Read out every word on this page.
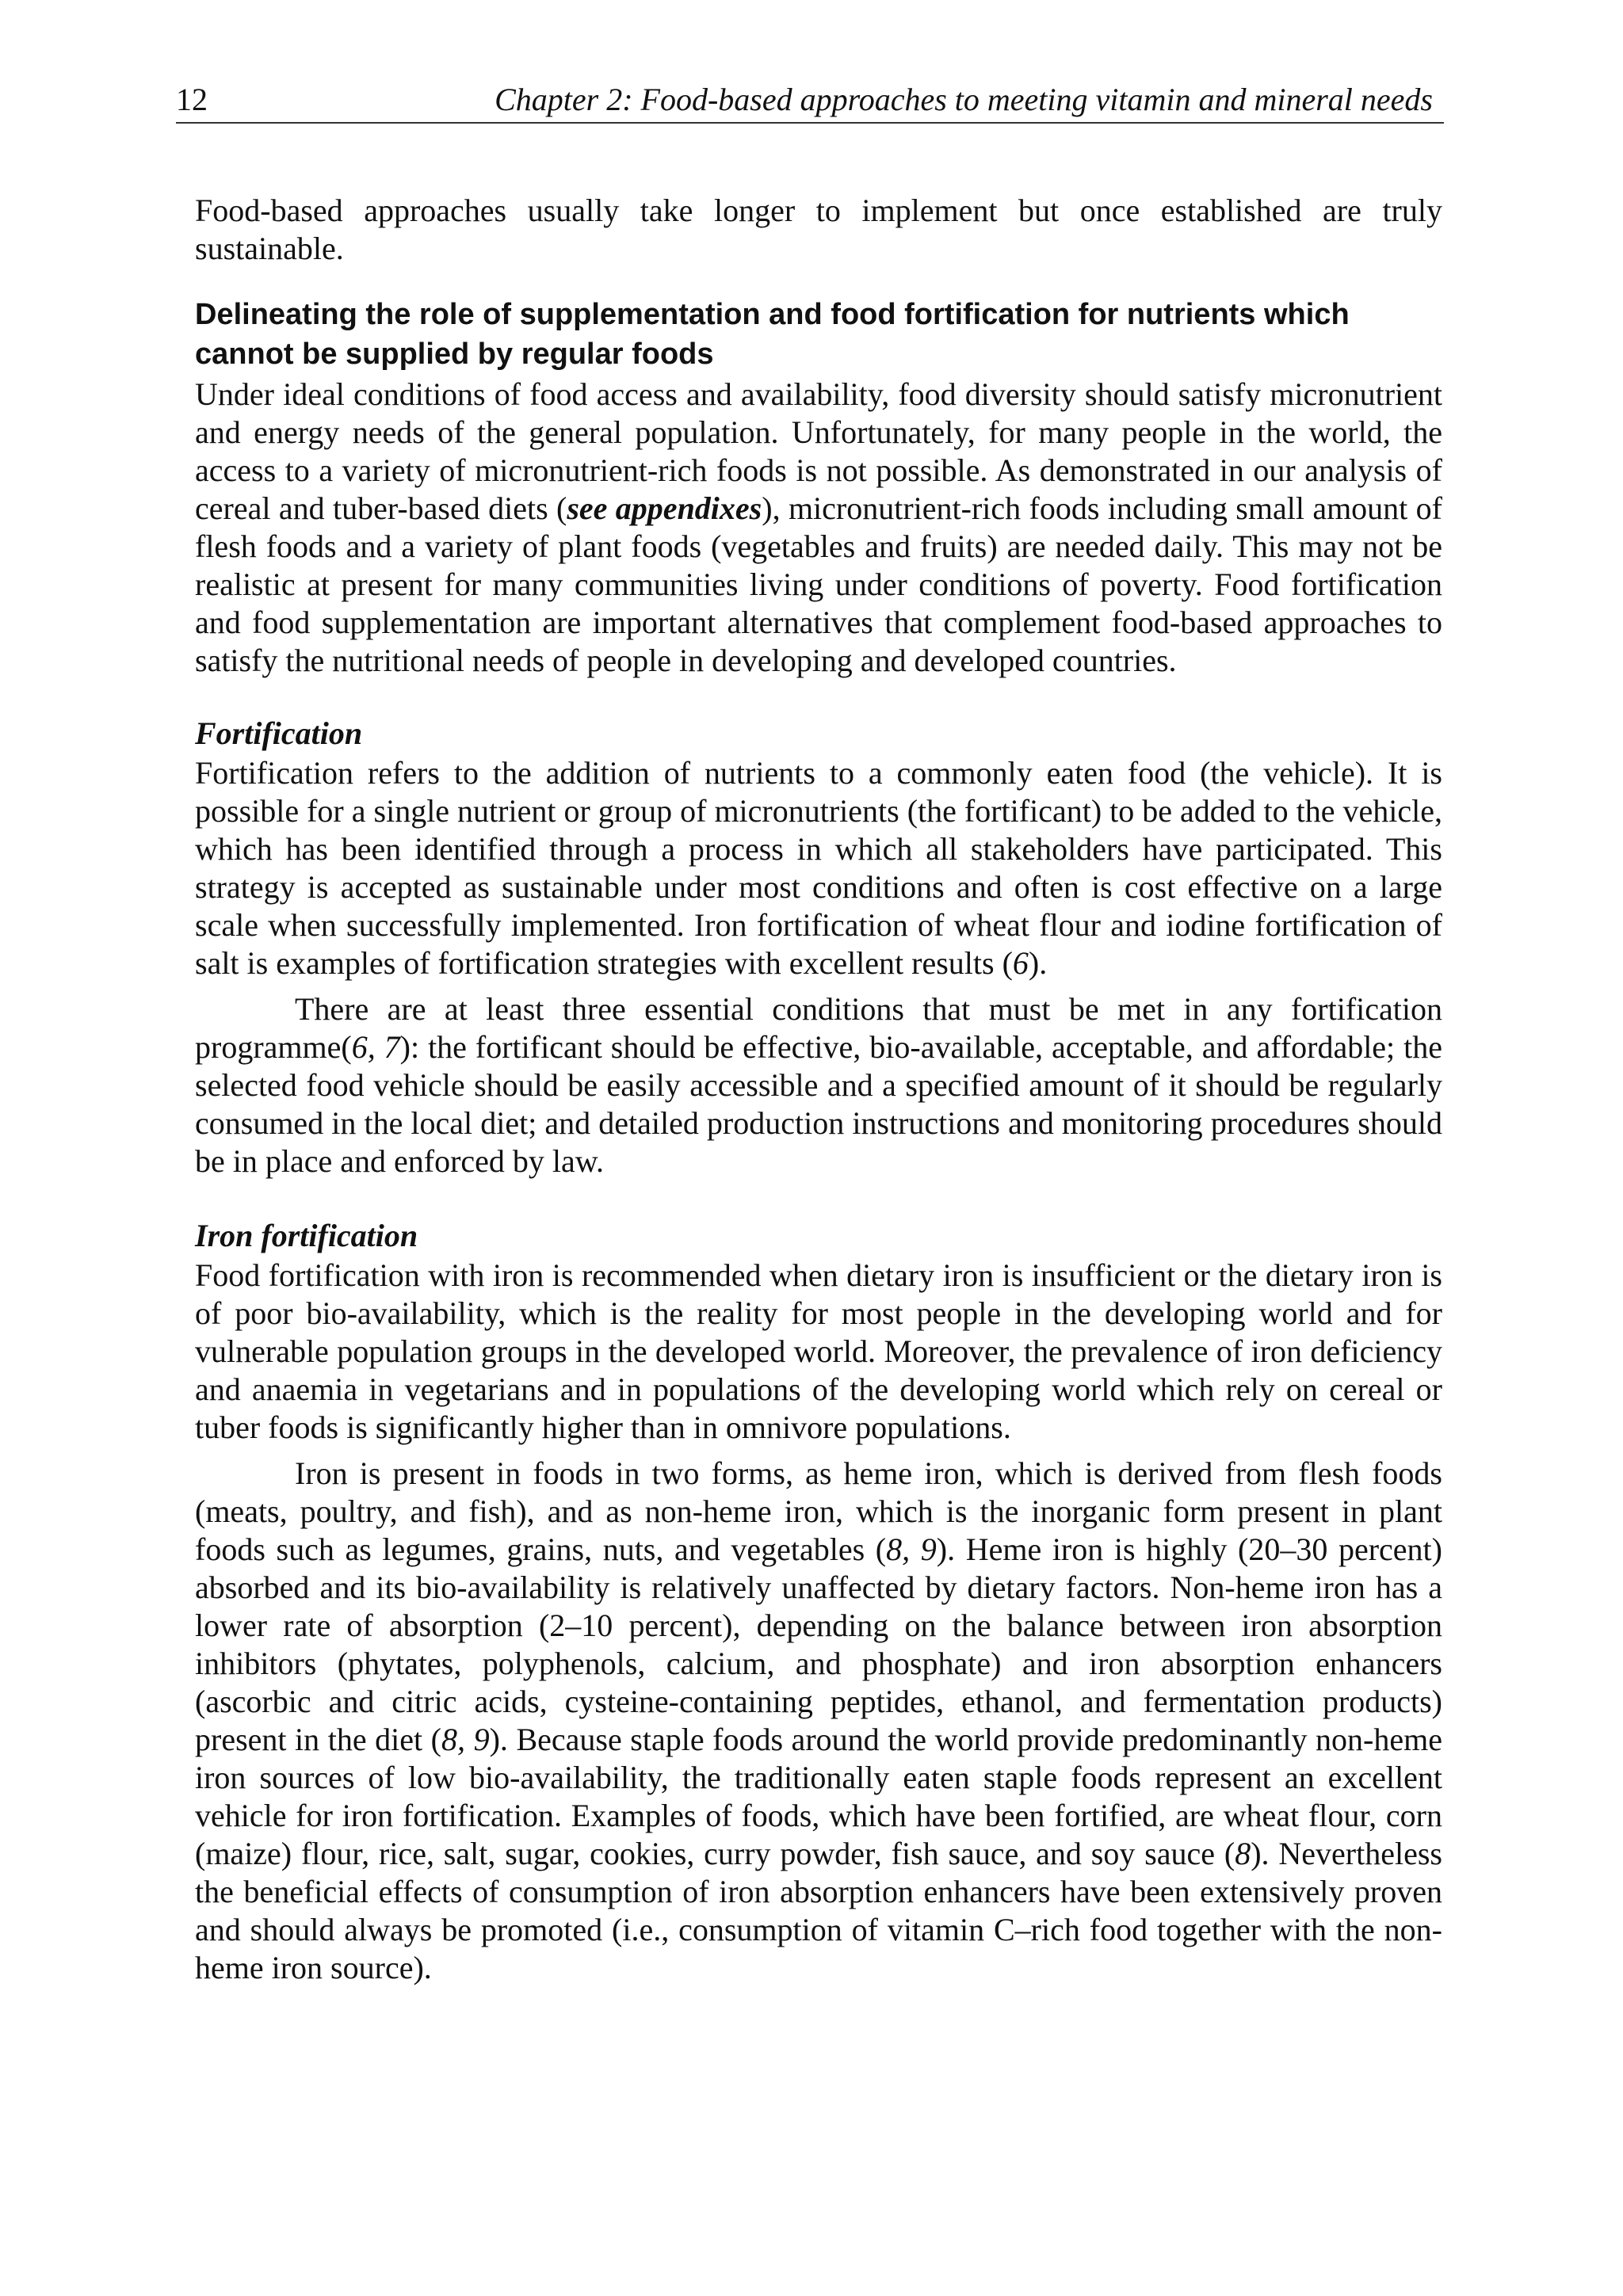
12	Chapter 2: Food-based approaches to meeting vitamin and mineral needs

Food-based approaches usually take longer to implement but once established are truly sustainable.

Delineating the role of supplementation and food fortification for nutrients which cannot be supplied by regular foods

Under ideal conditions of food access and availability, food diversity should satisfy micronutrient and energy needs of the general population. Unfortunately, for many people in the world, the access to a variety of micronutrient-rich foods is not possible. As demonstrated in our analysis of cereal and tuber-based diets (see appendixes), micronutrient-rich foods including small amount of flesh foods and a variety of plant foods (vegetables and fruits) are needed daily. This may not be realistic at present for many communities living under conditions of poverty. Food fortification and food supplementation are important alternatives that complement food-based approaches to satisfy the nutritional needs of people in developing and developed countries.

Fortification

Fortification refers to the addition of nutrients to a commonly eaten food (the vehicle). It is possible for a single nutrient or group of micronutrients (the fortificant) to be added to the vehicle, which has been identified through a process in which all stakeholders have participated. This strategy is accepted as sustainable under most conditions and often is cost effective on a large scale when successfully implemented. Iron fortification of wheat flour and iodine fortification of salt is examples of fortification strategies with excellent results (6).

There are at least three essential conditions that must be met in any fortification programme(6, 7): the fortificant should be effective, bio-available, acceptable, and affordable; the selected food vehicle should be easily accessible and a specified amount of it should be regularly consumed in the local diet; and detailed production instructions and monitoring procedures should be in place and enforced by law.

Iron fortification

Food fortification with iron is recommended when dietary iron is insufficient or the dietary iron is of poor bio-availability, which is the reality for most people in the developing world and for vulnerable population groups in the developed world. Moreover, the prevalence of iron deficiency and anaemia in vegetarians and in populations of the developing world which rely on cereal or tuber foods is significantly higher than in omnivore populations.

Iron is present in foods in two forms, as heme iron, which is derived from flesh foods (meats, poultry, and fish), and as non-heme iron, which is the inorganic form present in plant foods such as legumes, grains, nuts, and vegetables (8, 9). Heme iron is highly (20–30 percent) absorbed and its bio-availability is relatively unaffected by dietary factors. Non-heme iron has a lower rate of absorption (2–10 percent), depending on the balance between iron absorption inhibitors (phytates, polyphenols, calcium, and phosphate) and iron absorption enhancers (ascorbic and citric acids, cysteine-containing peptides, ethanol, and fermentation products) present in the diet (8, 9). Because staple foods around the world provide predominantly non-heme iron sources of low bio-availability, the traditionally eaten staple foods represent an excellent vehicle for iron fortification. Examples of foods, which have been fortified, are wheat flour, corn (maize) flour, rice, salt, sugar, cookies, curry powder, fish sauce, and soy sauce (8). Nevertheless the beneficial effects of consumption of iron absorption enhancers have been extensively proven and should always be promoted (i.e., consumption of vitamin C–rich food together with the non-heme iron source).
